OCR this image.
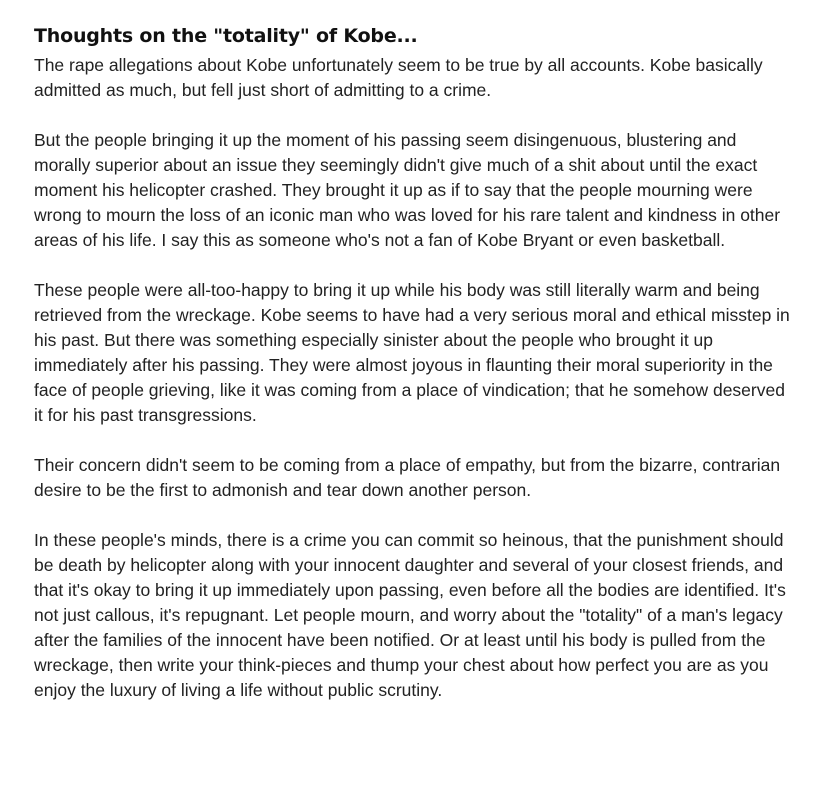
Thoughts on the "totality" of Kobe...

The rape allegations about Kobe unfortunately seem to be true by all accounts. Kobe basically admitted as much, but fell just short of admitting to a crime.

But the people bringing it up the moment of his passing seem disingenuous, blustering and morally superior about an issue they seemingly didn't give much of a shit about until the exact moment his helicopter crashed. They brought it up as if to say that the people mourning were wrong to mourn the loss of an iconic man who was loved for his rare talent and kindness in other areas of his life. I say this as someone who's not a fan of Kobe Bryant or even basketball.

These people were all-too-happy to bring it up while his body was still literally warm and being retrieved from the wreckage. Kobe seems to have had a very serious moral and ethical misstep in his past. But there was something especially sinister about the people who brought it up immediately after his passing. They were almost joyous in flaunting their moral superiority in the face of people grieving, like it was coming from a place of vindication; that he somehow deserved it for his past transgressions.

Their concern didn't seem to be coming from a place of empathy, but from the bizarre, contrarian desire to be the first to admonish and tear down another person.

In these people's minds, there is a crime you can commit so heinous, that the punishment should be death by helicopter along with your innocent daughter and several of your closest friends, and that it's okay to bring it up immediately upon passing, even before all the bodies are identified. It's not just callous, it's repugnant. Let people mourn, and worry about the "totality" of a man's legacy after the families of the innocent have been notified. Or at least until his body is pulled from the wreckage, then write your think-pieces and thump your chest about how perfect you are as you enjoy the luxury of living a life without public scrutiny.
